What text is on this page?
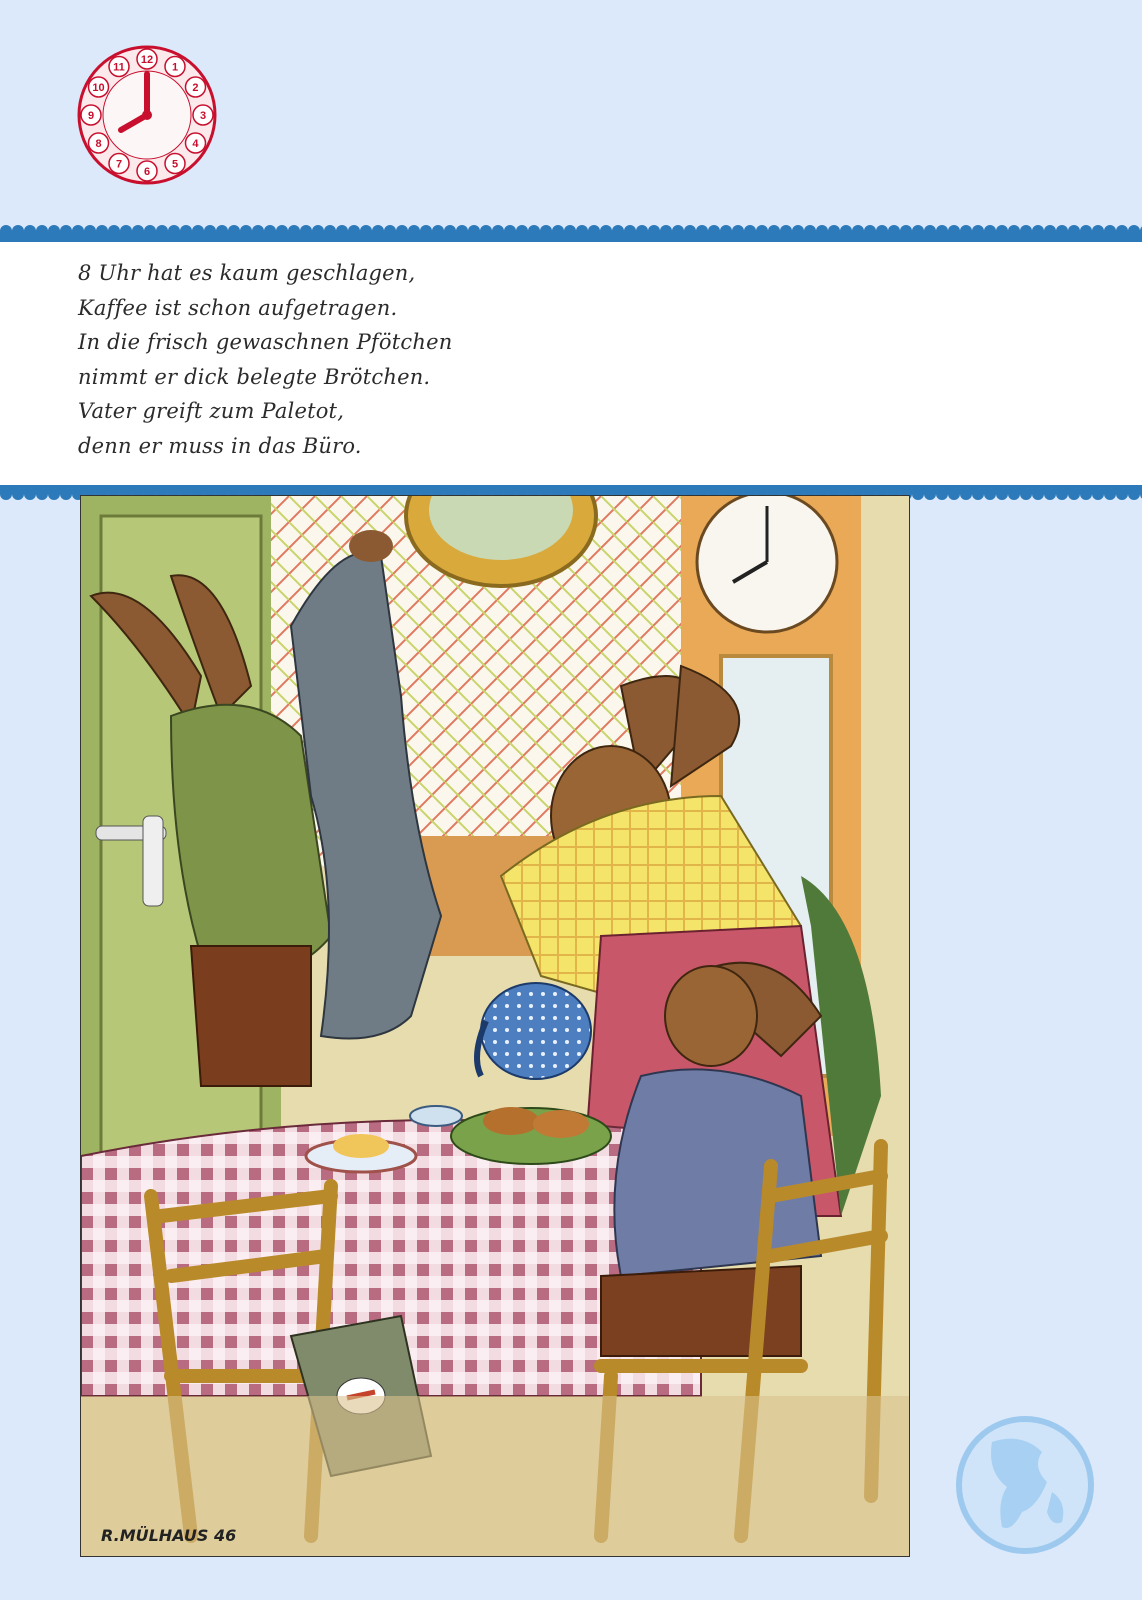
12
1
2
3
4
5
6
7
8
9
10
11
8 Uhr hat es kaum geschlagen,
Kaffee ist schon aufgetragen.
In die frisch gewaschnen Pfötchen
nimmt er dick belegte Brötchen.
Vater greift zum Paletot,
denn er muss in das Büro.
R.MÜLHAUS 46
